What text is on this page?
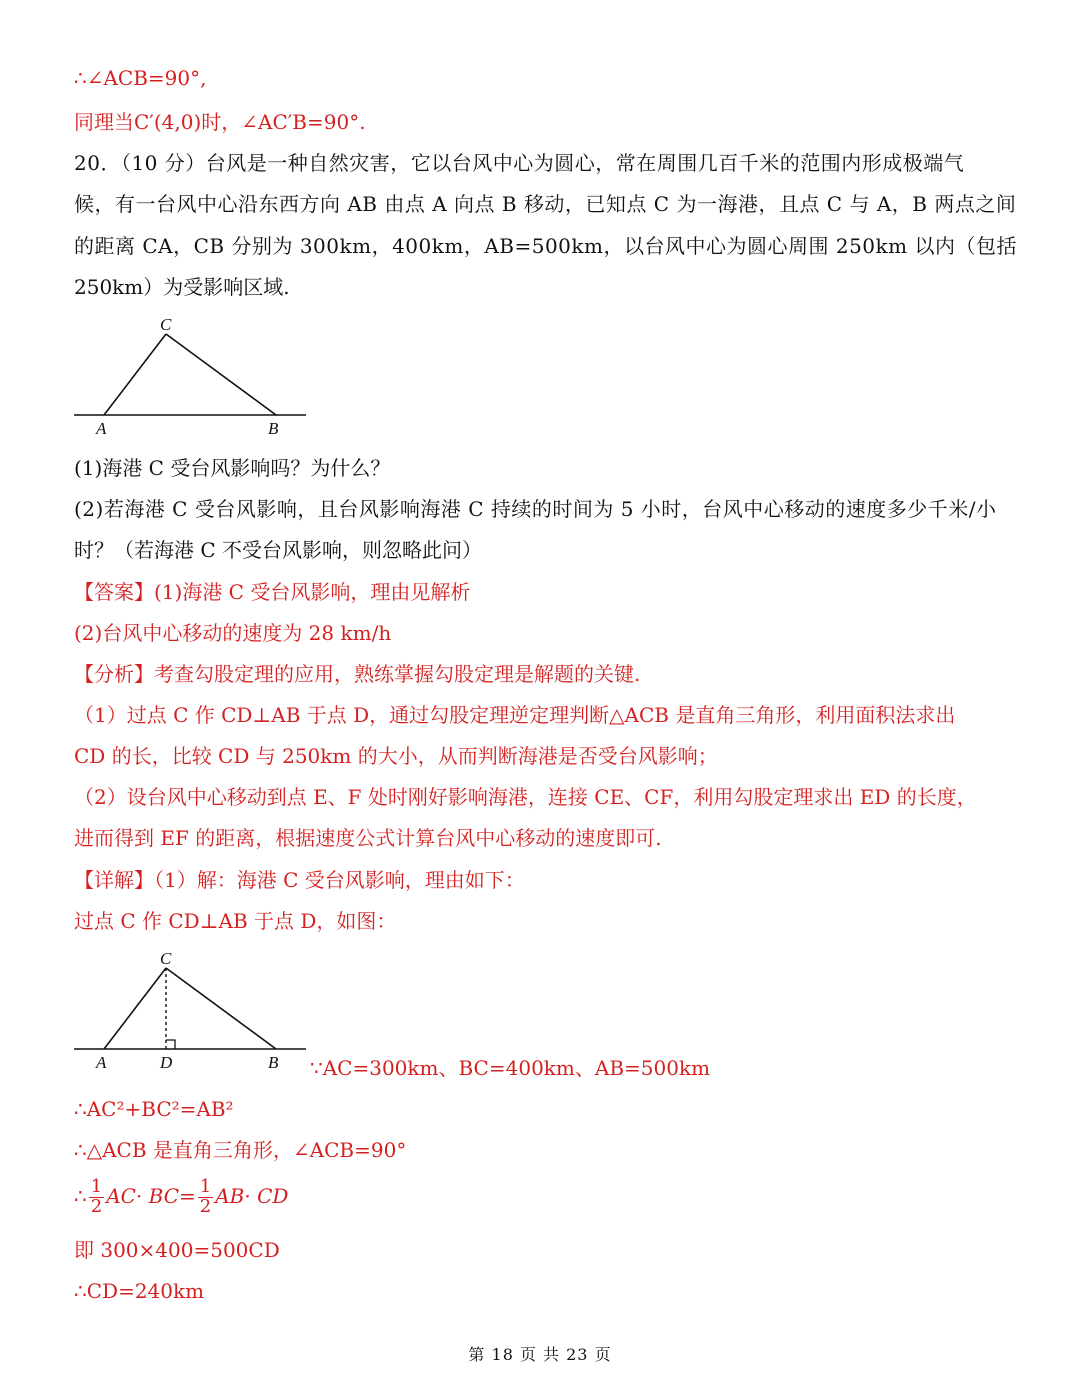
∴∠ACB=90°,
同理当C′(4,0)时，∠AC′B=90°.
20．（10 分）台风是一种自然灾害，它以台风中心为圆心，常在周围几百千米的范围内形成极端气
候，有一台风中心沿东西方向 AB 由点 A 向点 B 移动，已知点 C 为一海港，且点 C 与 A，B 两点之间
的距离 CA，CB 分别为 300km，400km，AB=500km，以台风中心为圆心周围 250km 以内（包括
250km）为受影响区域.
C
A	B
(1)海港 C 受台风影响吗？为什么？
(2)若海港 C 受台风影响，且台风影响海港 C 持续的时间为 5 小时，台风中心移动的速度多少千米/小
时？（若海港 C 不受台风影响，则忽略此问）
【答案】(1)海港 C 受台风影响，理由见解析
(2)台风中心移动的速度为 28 km/h
【分析】考查勾股定理的应用，熟练掌握勾股定理是解题的关键.
（1）过点 C 作 CD⊥AB 于点 D，通过勾股定理逆定理判断△ACB 是直角三角形，利用面积法求出
CD 的长，比较 CD 与 250km 的大小，从而判断海港是否受台风影响；
（2）设台风中心移动到点 E、F 处时刚好影响海港，连接 CE、CF，利用勾股定理求出 ED 的长度，
进而得到 EF 的距离，根据速度公式计算台风中心移动的速度即可.
【详解】（1）解：海港 C 受台风影响，理由如下：
过点 C 作 CD⊥AB 于点 D，如图：
C
A	D	B ∵AC=300km、BC=400km、AB=500km
∴AC²+BC²=AB²
∴△ACB 是直角三角形，∠ACB=90°
∴ $\frac{1}{2} AC\cdot BC= \frac{1}{2} AB\cdot$ CD
即 300×400=500CD
∴CD=240km
第 18 页 共 23 页
